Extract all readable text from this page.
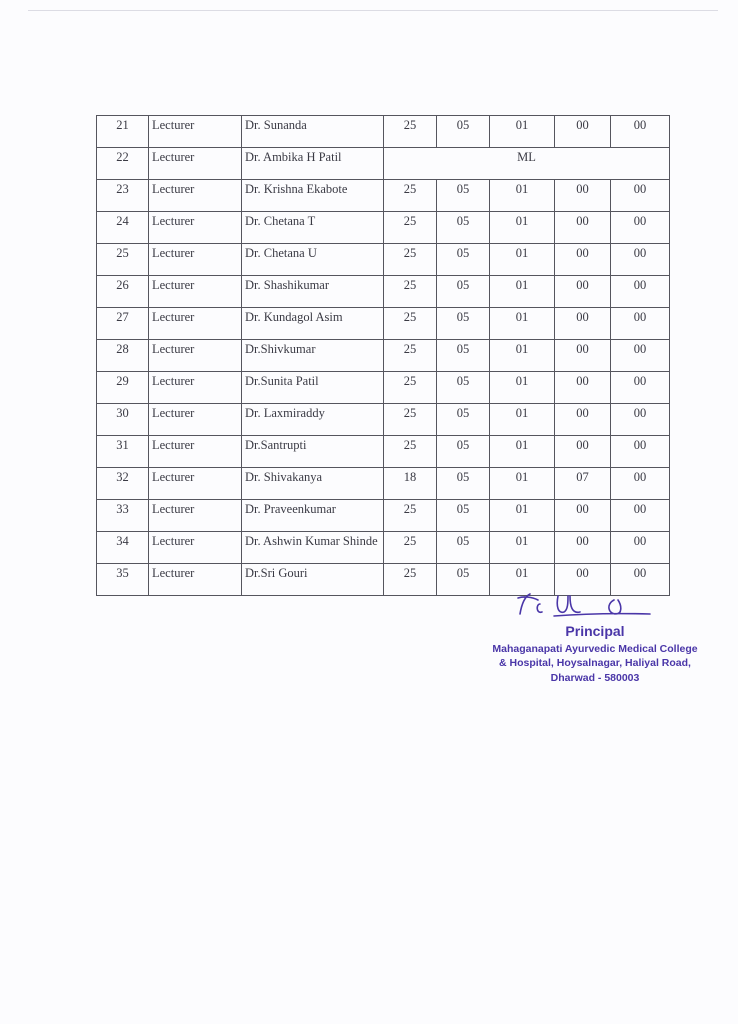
21	Lecturer	Dr. Sunanda	25	05	01	00	00
22	Lecturer	Dr. Ambika H Patil	ML				
23	Lecturer	Dr. Krishna Ekabote	25	05	01	00	00
24	Lecturer	Dr. Chetana T	25	05	01	00	00
25	Lecturer	Dr. Chetana U	25	05	01	00	00
26	Lecturer	Dr. Shashikumar	25	05	01	00	00
27	Lecturer	Dr. Kundagol Asim	25	05	01	00	00
28	Lecturer	Dr.Shivkumar	25	05	01	00	00
29	Lecturer	Dr.Sunita Patil	25	05	01	00	00
30	Lecturer	Dr. Laxmiraddy	25	05	01	00	00
31	Lecturer	Dr.Santrupti	25	05	01	00	00
32	Lecturer	Dr. Shivakanya	18	05	01	07	00
33	Lecturer	Dr. Praveenkumar	25	05	01	00	00
34	Lecturer	Dr. Ashwin Kumar Shinde	25	05	01	00	00
35	Lecturer	Dr.Sri Gouri	25	05	01	00	00
Principal
Mahaganapati Ayurvedic Medical College
& Hospital, Hoysalnagar, Haliyal Road,
Dharwad - 580003
